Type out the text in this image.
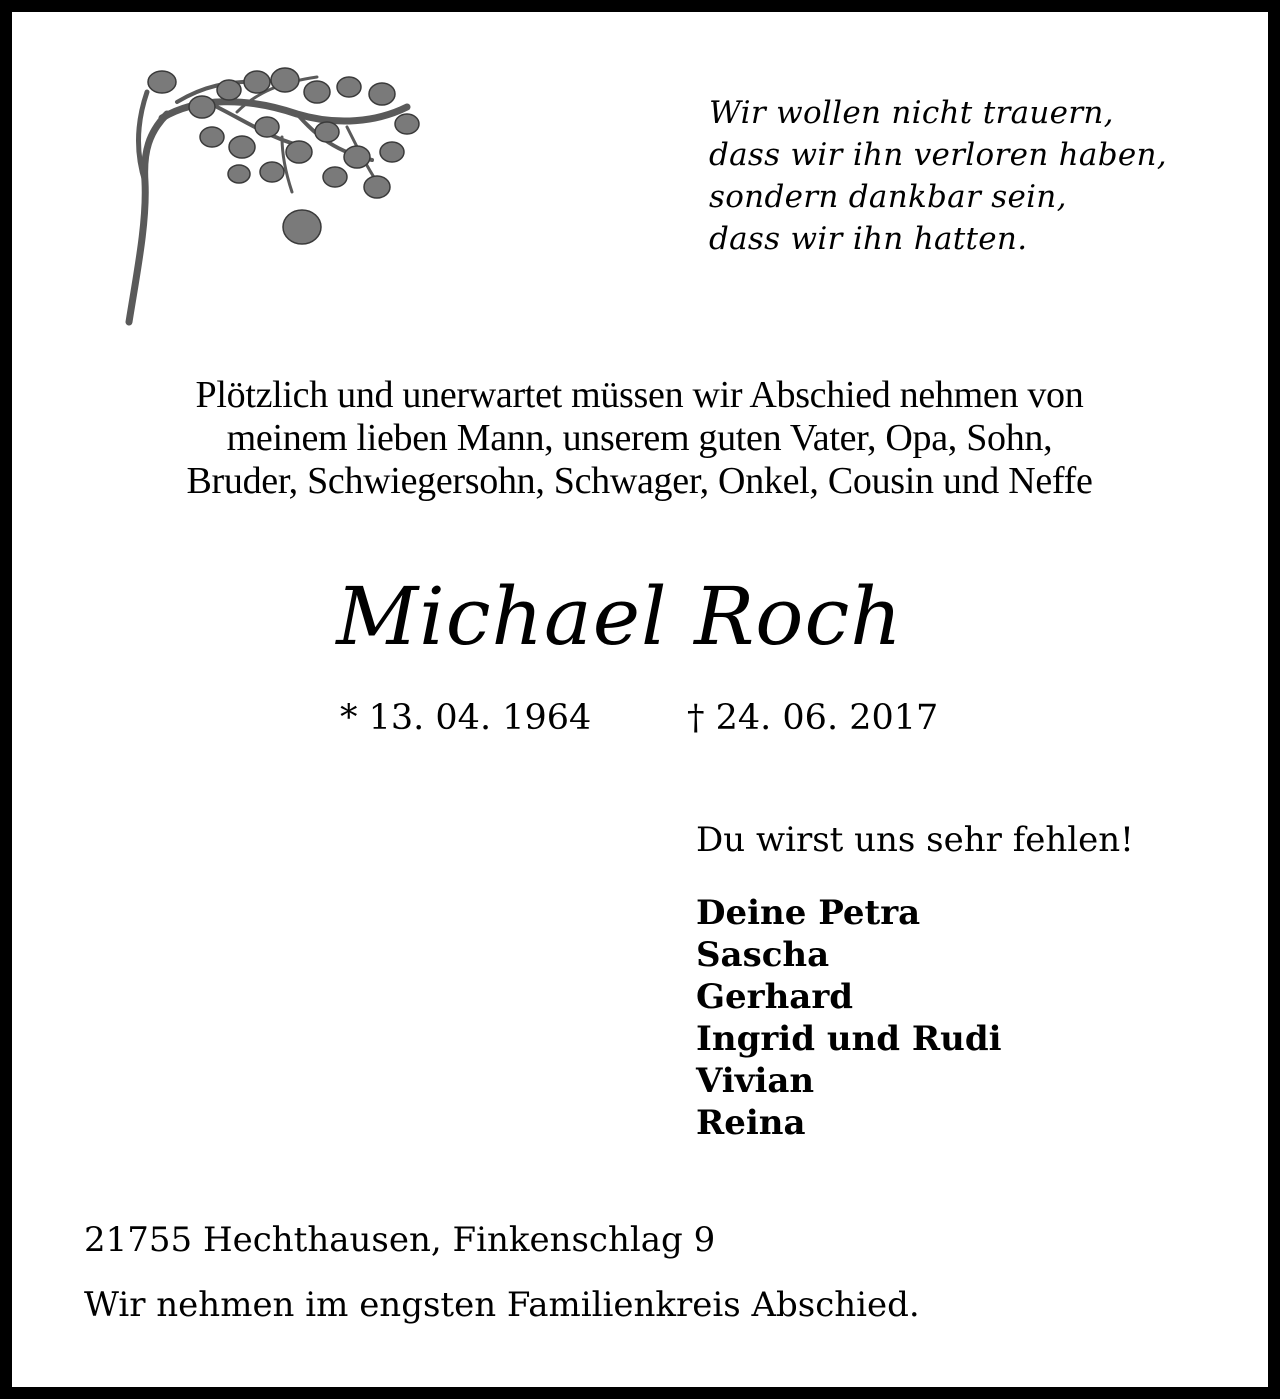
Wir wollen nicht trauern,
dass wir ihn verloren haben,
sondern dankbar sein,
dass wir ihn hatten.
Plötzlich und unerwartet müssen wir Abschied nehmen von
meinem lieben Mann, unserem guten Vater, Opa, Sohn,
Bruder, Schwiegersohn, Schwager, Onkel, Cousin und Neffe
Michael Roch
* 13. 04. 1964	† 24. 06. 2017
Du wirst uns sehr fehlen!
Deine Petra
Sascha
Gerhard
Ingrid und Rudi
Vivian
Reina
21755 Hechthausen, Finkenschlag 9
Wir nehmen im engsten Familienkreis Abschied.
